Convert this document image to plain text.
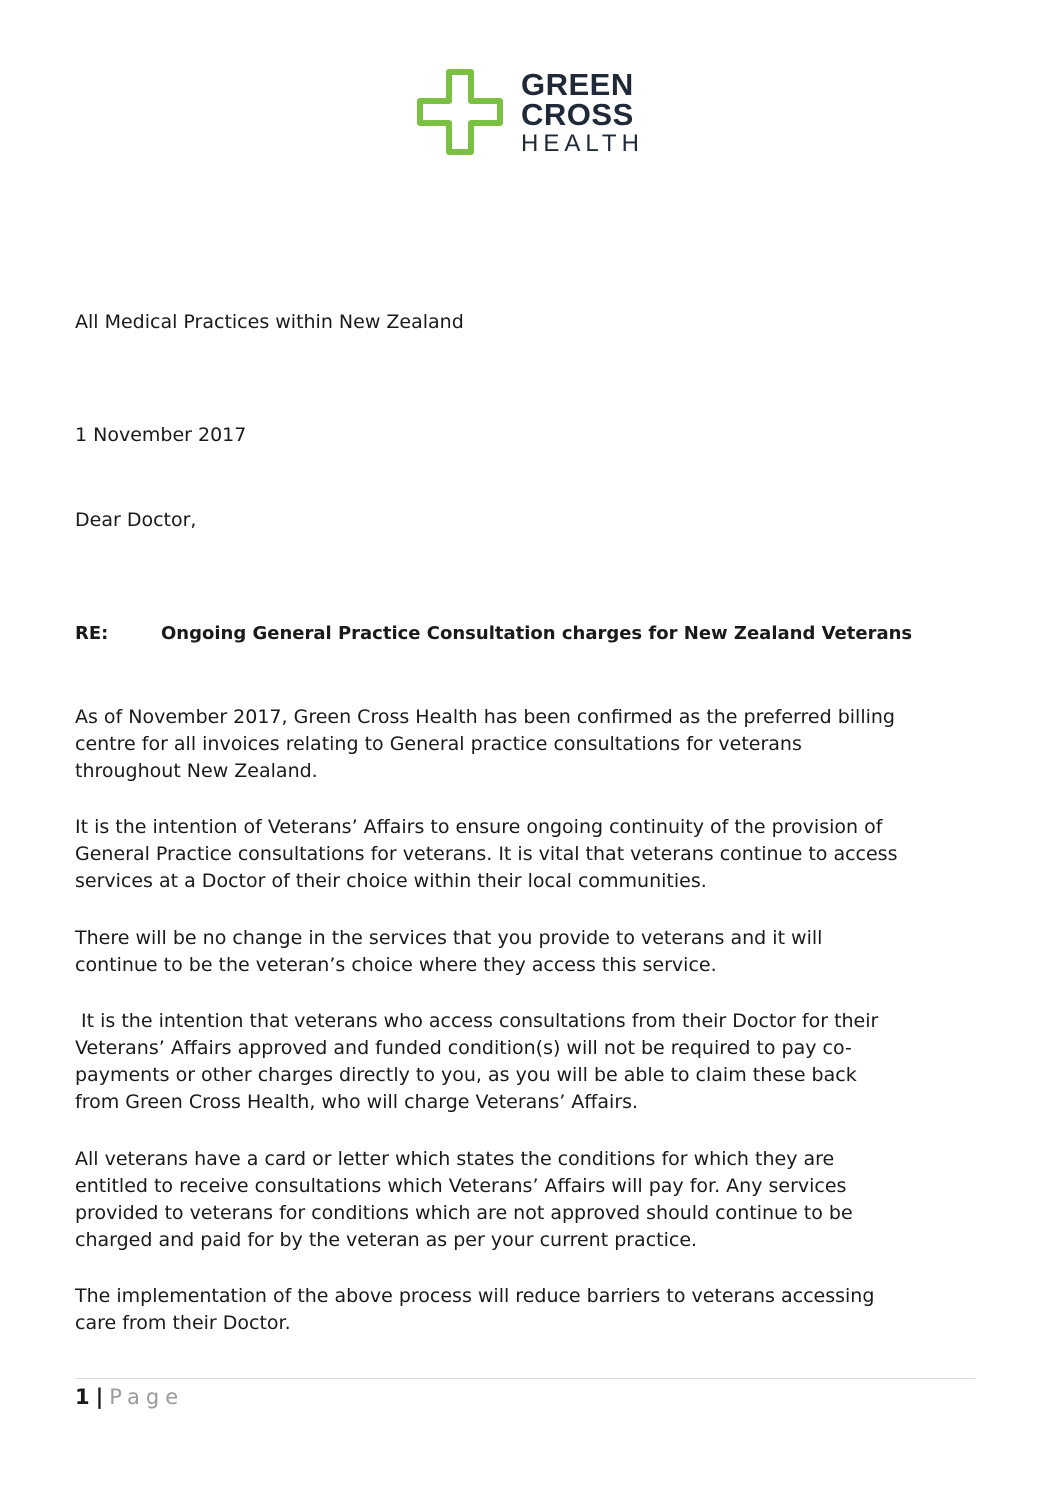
GREEN
CROSS
HEALTH
All Medical Practices within New Zealand
1 November 2017
Dear Doctor,
RE:	Ongoing General Practice Consultation charges for New Zealand Veterans
As of November 2017, Green Cross Health has been confirmed as the preferred billing
centre for all invoices relating to General practice consultations for veterans
throughout New Zealand.
It is the intention of Veterans’ Affairs to ensure ongoing continuity of the provision of
General Practice consultations for veterans. It is vital that veterans continue to access
services at a Doctor of their choice within their local communities.
There will be no change in the services that you provide to veterans and it will
continue to be the veteran’s choice where they access this service.
It is the intention that veterans who access consultations from their Doctor for their
Veterans’ Affairs approved and funded condition(s) will not be required to pay co-
payments or other charges directly to you, as you will be able to claim these back
from Green Cross Health, who will charge Veterans’ Affairs.
All veterans have a card or letter which states the conditions for which they are
entitled to receive consultations which Veterans’ Affairs will pay for. Any services
provided to veterans for conditions which are not approved should continue to be
charged and paid for by the veteran as per your current practice.
The implementation of the above process will reduce barriers to veterans accessing
care from their Doctor.
1 | Page
